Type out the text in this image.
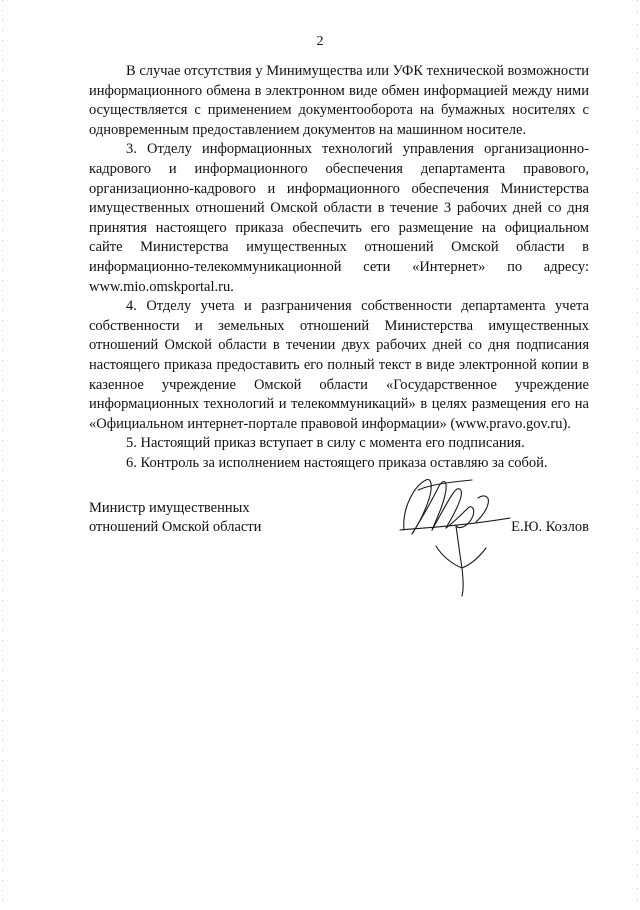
2

В случае отсутствия у Минимущества или УФК технической возможности информационного обмена в электронном виде обмен информацией между ними осуществляется с применением документооборота на бумажных носителях с одновременным предоставлением документов на машинном носителе.

3. Отделу информационных технологий управления организационно-кадрового и информационного обеспечения департамента правового, организационно-кадрового и информационного обеспечения Министерства имущественных отношений Омской области в течение 3 рабочих дней со дня принятия настоящего приказа обеспечить его размещение на официальном сайте Министерства имущественных отношений Омской области в информационно-телекоммуникационной сети «Интернет» по адресу: www.mio.omskportal.ru.

4. Отделу учета и разграничения собственности департамента учета собственности и земельных отношений Министерства имущественных отношений Омской области в течении двух рабочих дней со дня подписания настоящего приказа предоставить его полный текст в виде электронной копии в казенное учреждение Омской области «Государственное учреждение информационных технологий и телекоммуникаций» в целях размещения его на «Официальном интернет-портале правовой информации» (www.pravo.gov.ru).

5. Настоящий приказ вступает в силу с момента его подписания.

6. Контроль за исполнением настоящего приказа оставляю за собой.

Министр имущественных
отношений Омской области	Е.Ю. Козлов
